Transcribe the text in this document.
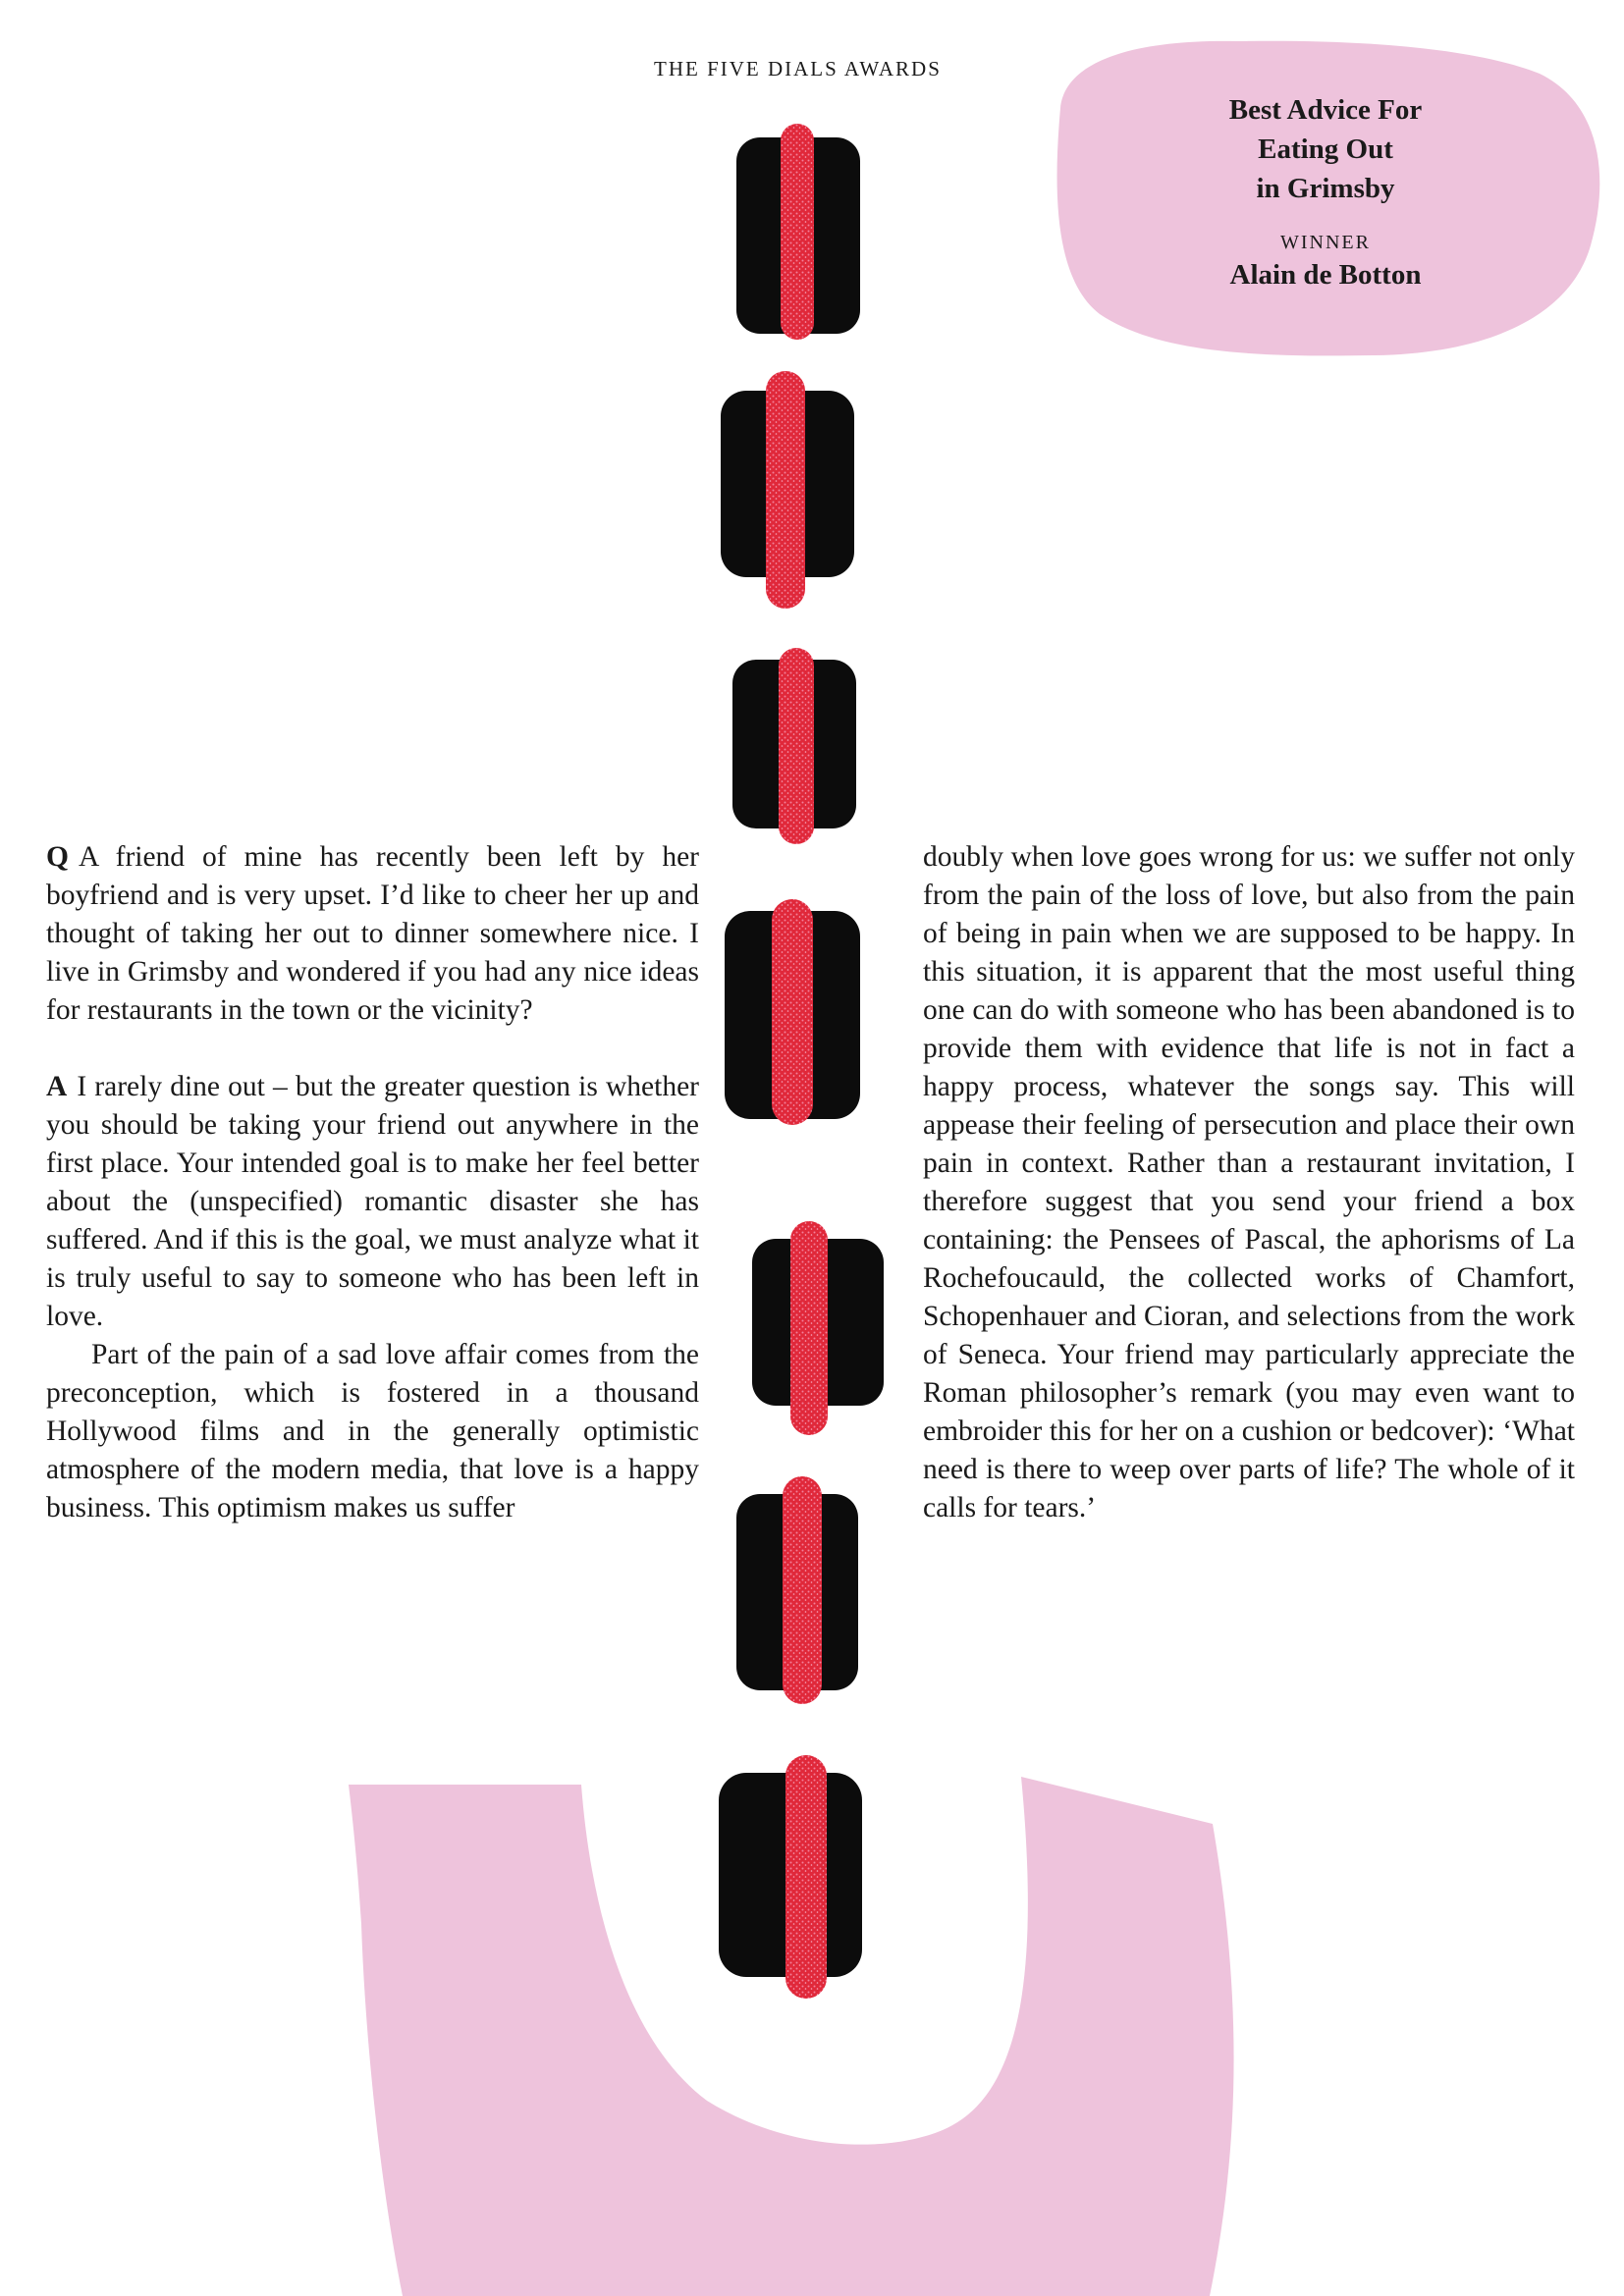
THE FIVE DIALS AWARDS
Best Advice For
Eating Out
in Grimsby
WINNER
Alain de Botton

Q A friend of mine has recently been left by her boyfriend and is very upset. I’d like to cheer her up and thought of taking her out to dinner somewhere nice. I live in Grimsby and wondered if you had any nice ideas for restaurants in the town or the vicinity?

A I rarely dine out – but the greater question is whether you should be taking your friend out anywhere in the first place. Your intended goal is to make her feel better about the (unspecified) romantic disaster she has suffered. And if this is the goal, we must analyze what it is truly useful to say to someone who has been left in love.

Part of the pain of a sad love affair comes from the preconception, which is fostered in a thousand Hollywood films and in the generally optimistic atmosphere of the modern media, that love is a happy business. This optimism makes us suffer

doubly when love goes wrong for us: we suffer not only from the pain of the loss of love, but also from the pain of being in pain when we are supposed to be happy. In this situation, it is apparent that the most useful thing one can do with someone who has been abandoned is to provide them with evidence that life is not in fact a happy process, whatever the songs say. This will appease their feeling of persecution and place their own pain in context. Rather than a restaurant invitation, I therefore suggest that you send your friend a box containing: the Pensees of Pascal, the aphorisms of La Rochefoucauld, the collected works of Chamfort, Schopenhauer and Cioran, and selections from the work of Seneca. Your friend may particularly appreciate the Roman philosopher’s remark (you may even want to embroider this for her on a cushion or bedcover): ‘What need is there to weep over parts of life? The whole of it calls for tears.’
